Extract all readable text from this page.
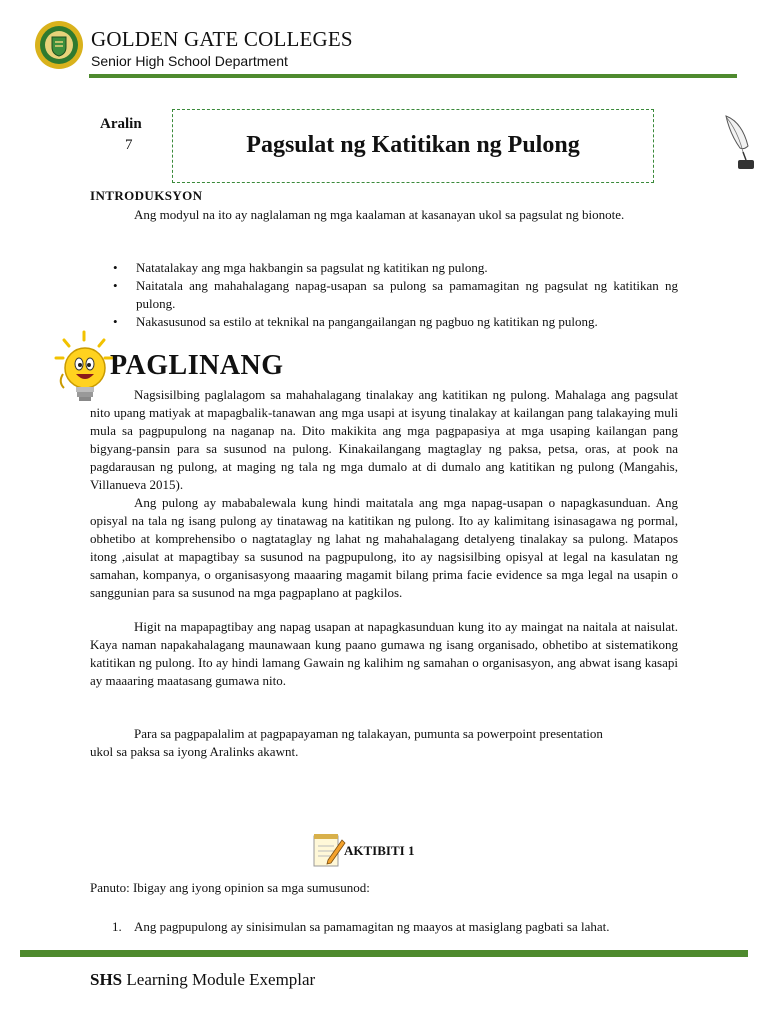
GOLDEN GATE COLLEGES
Senior High School Department
Aralin
7	Pagsulat ng Katitikan ng Pulong
INTRODUKSYON

Ang modyul na ito ay naglalaman ng mga kaalaman at kasanayan ukol sa pagsulat ng bionote.

• Natatalakay ang mga hakbangin sa pagsulat ng katitikan ng pulong.
• Naitatala ang mahahalagang napag-usapan sa pulong sa pamamagitan ng pagsulat ng katitikan ng pulong.
• Nakasusunod sa estilo at teknikal na pangangailangan ng pagbuo ng katitikan ng pulong.
PAGLINANG

Nagsisilbing paglalagom sa mahahalagang tinalakay ang katitikan ng pulong. Mahalaga ang pagsulat nito upang matiyak at mapagbalik-tanawan ang mga usapi at isyung tinalakay at kailangan pang talakaying muli mula sa pagpupulong na naganap na. Dito makikita ang mga pagpapasiya at mga usaping kailangan pang bigyang-pansin para sa susunod na pulong. Kinakailangang magtaglay ng paksa, petsa, oras, at pook na pagdarausan ng pulong, at maging ng tala ng mga dumalo at di dumalo ang katitikan ng pulong (Mangahis, Villanueva 2015).

Ang pulong ay mababalewala kung hindi maitatala ang mga napag-usapan o napagkasunduan. Ang opisyal na tala ng isang pulong ay tinatawag na katitikan ng pulong. Ito ay kalimitang isinasagawa ng pormal, obhetibo at komprehensibo o nagtataglay ng lahat ng mahahalagang detalyeng tinalakay sa pulong. Matapos itong ,aisulat at mapagtibay sa susunod na pagpupulong, ito ay nagsisilbing opisyal at legal na kasulatan ng samahan, kompanya, o organisasyong maaaring magamit bilang prima facie evidence sa mga legal na usapin o sanggunian para sa susunod na mga pagpaplano at pagkilos.

Higit na mapapagtibay ang napag usapan at napagkasunduan kung ito ay maingat na naitala at naisulat. Kaya naman napakahalagang maunawaan kung paano gumawa ng isang organisado, obhetibo at sistematikong katitikan ng pulong. Ito ay hindi lamang Gawain ng kalihim ng samahan o organisasyon, ang abwat isang kasapi ay maaaring maatasang gumawa nito.

Para sa pagpapalalim at pagpapayaman ng talakayan, pumunta sa powerpoint presentation ukol sa paksa sa iyong Aralinks akawnt.

AKTIBITI 1
Panuto: Ibigay ang iyong opinion sa mga sumusunod:
1. Ang pagpupulong ay sinisimulan sa pamamagitan ng maayos at masiglang pagbati sa lahat.
SHS Learning Module Exemplar
